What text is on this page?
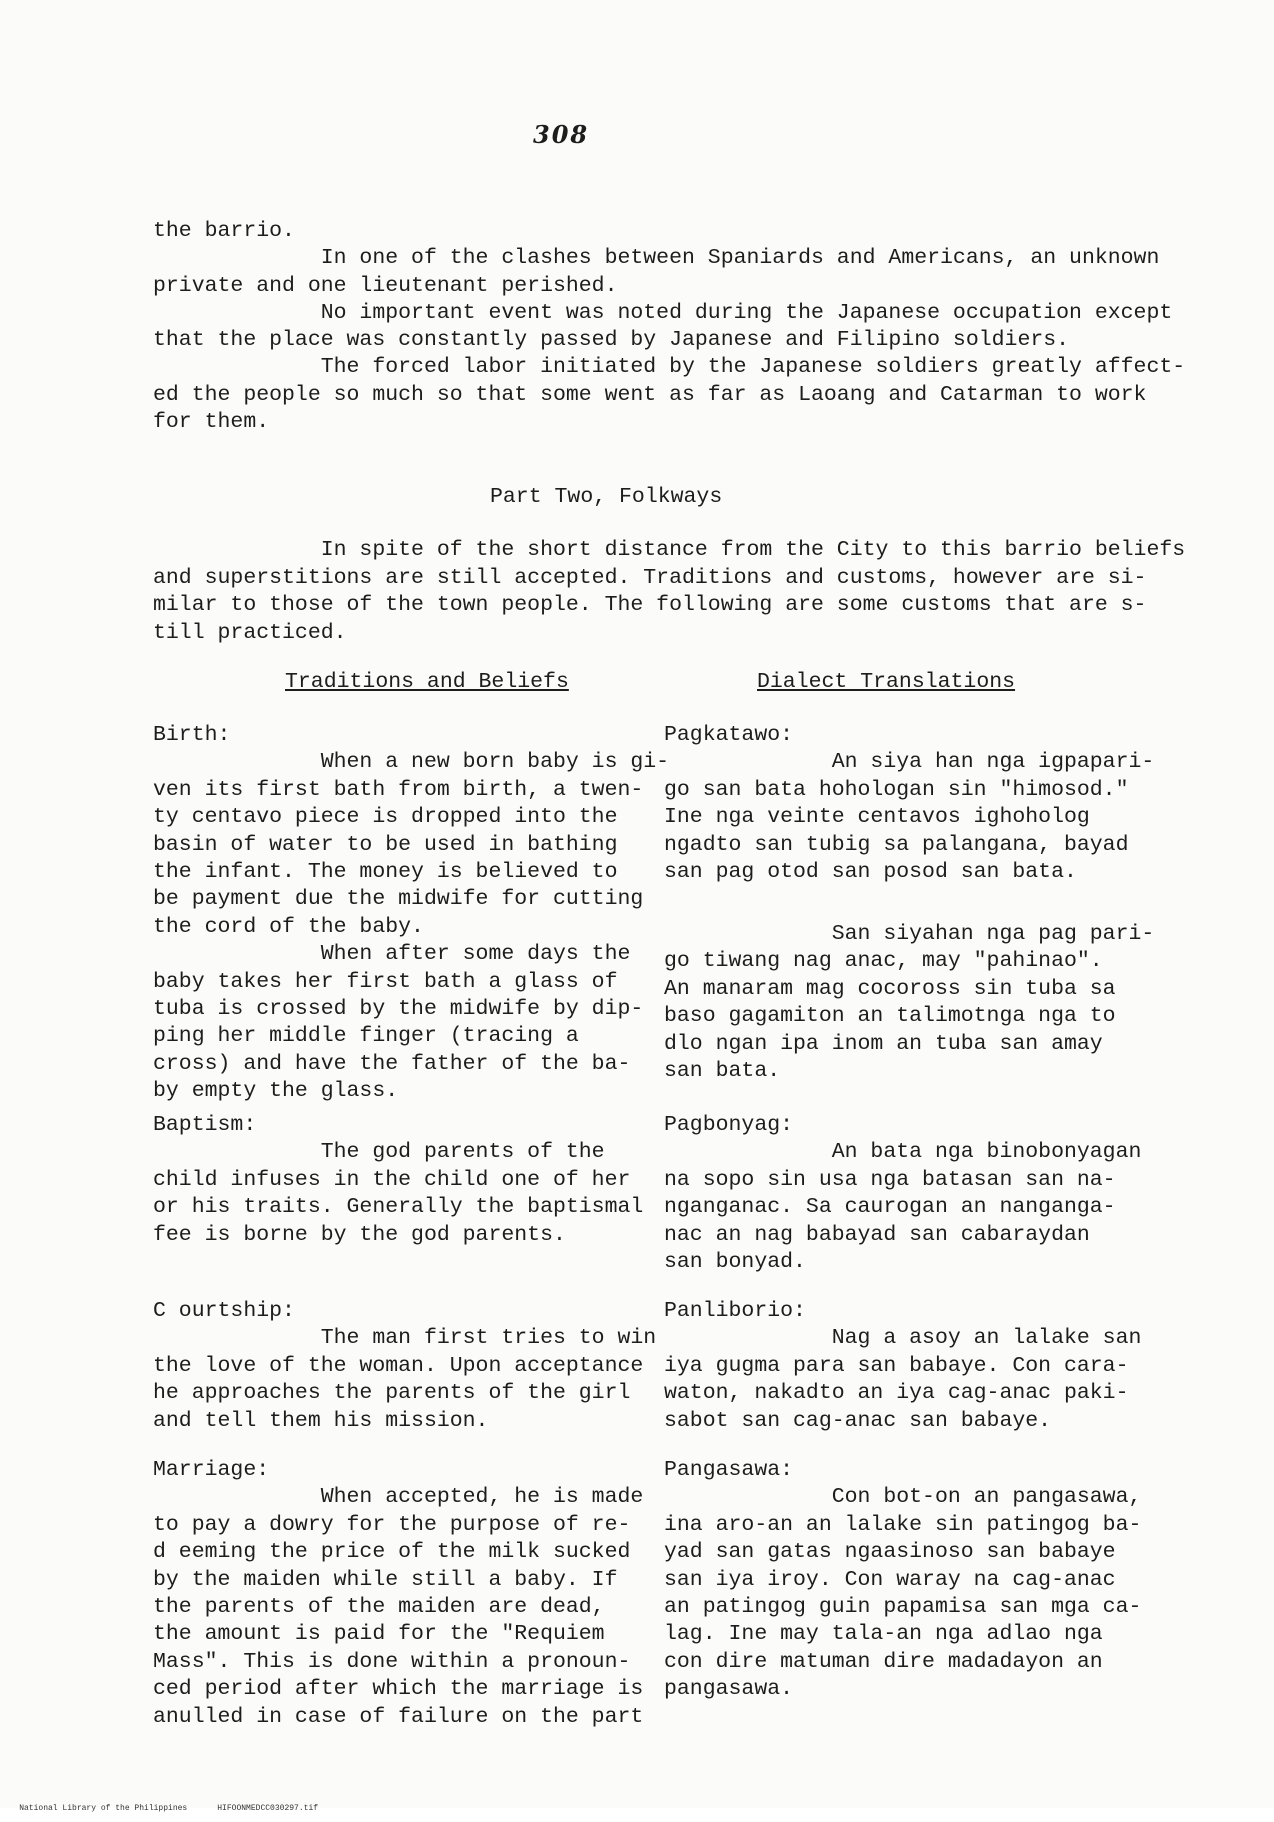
308
the barrio.
In one of the clashes between Spaniards and Americans, an unknown
private and one lieutenant perished.
No important event was noted during the Japanese occupation except
that the place was constantly passed by Japanese and Filipino soldiers.
The forced labor initiated by the Japanese soldiers greatly affect-
ed the people so much so that some went as far as Laoang and Catarman to work
for them.
Part Two, Folkways
In spite of the short distance from the City to this barrio beliefs
and superstitions are still accepted. Traditions and customs, however are si-
milar to those of the town people. The following are some customs that are s-
till practiced.
Traditions and Beliefs	Dialect Translations
Birth:
When a new born baby is gi-
ven its first bath from birth, a twen-
ty centavo piece is dropped into the
basin of water to be used in bathing
the infant. The money is believed to
be payment due the midwife for cutting
the cord of the baby.
When after some days the
baby takes her first bath a glass of
tuba is crossed by the midwife by dip-
ping her middle finger (tracing a
cross) and have the father of the ba-
by empty the glass.
Baptism:
The god parents of the
child infuses in the child one of her
or his traits. Generally the baptismal
fee is borne by the god parents.
C ourtship:
The man first tries to win
the love of the woman. Upon acceptance
he approaches the parents of the girl
and tell them his mission.
Marriage:
When accepted, he is made
to pay a dowry for the purpose of re-
d eeming the price of the milk sucked
by the maiden while still a baby. If
the parents of the maiden are dead,
the amount is paid for the "Requiem
Mass". This is done within a pronoun-
ced period after which the marriage is
anulled in case of failure on the part
Pagkatawo:
An siya han nga igpapari-
go san bata hohologan sin "himosod."
Ine nga veinte centavos ighoholog
ngadto san tubig sa palangana, bayad
san pag otod san posod san bata.
San siyahan nga pag pari-
go tiwang nag anac, may "pahinao".
An manaram mag cocoross sin tuba sa
baso gagamiton an talimotnga nga to
dlo ngan ipa inom an tuba san amay
san bata.
Pagbonyag:
An bata nga binobonyagan
na sopo sin usa nga batasan san na-
nganganac. Sa caurogan an nanganga-
nac an nag babayad san cabaraydan
san bonyad.
Panliborio:
Nag a asoy an lalake san
iya gugma para san babaye. Con cara-
waton, nakadto an iya cag-anac paki-
sabot san cag-anac san babaye.
Pangasawa:
Con bot-on an pangasawa,
ina aro-an an lalake sin patingog ba-
yad san gatas ngaasinoso san babaye
san iya iroy. Con waray na cag-anac
an patingog guin papamisa san mga ca-
lag. Ine may tala-an nga adlao nga
con dire matuman dire madadayon an
pangasawa.

National Library of the Philippines	HIFOONMEDCC030297.tif
